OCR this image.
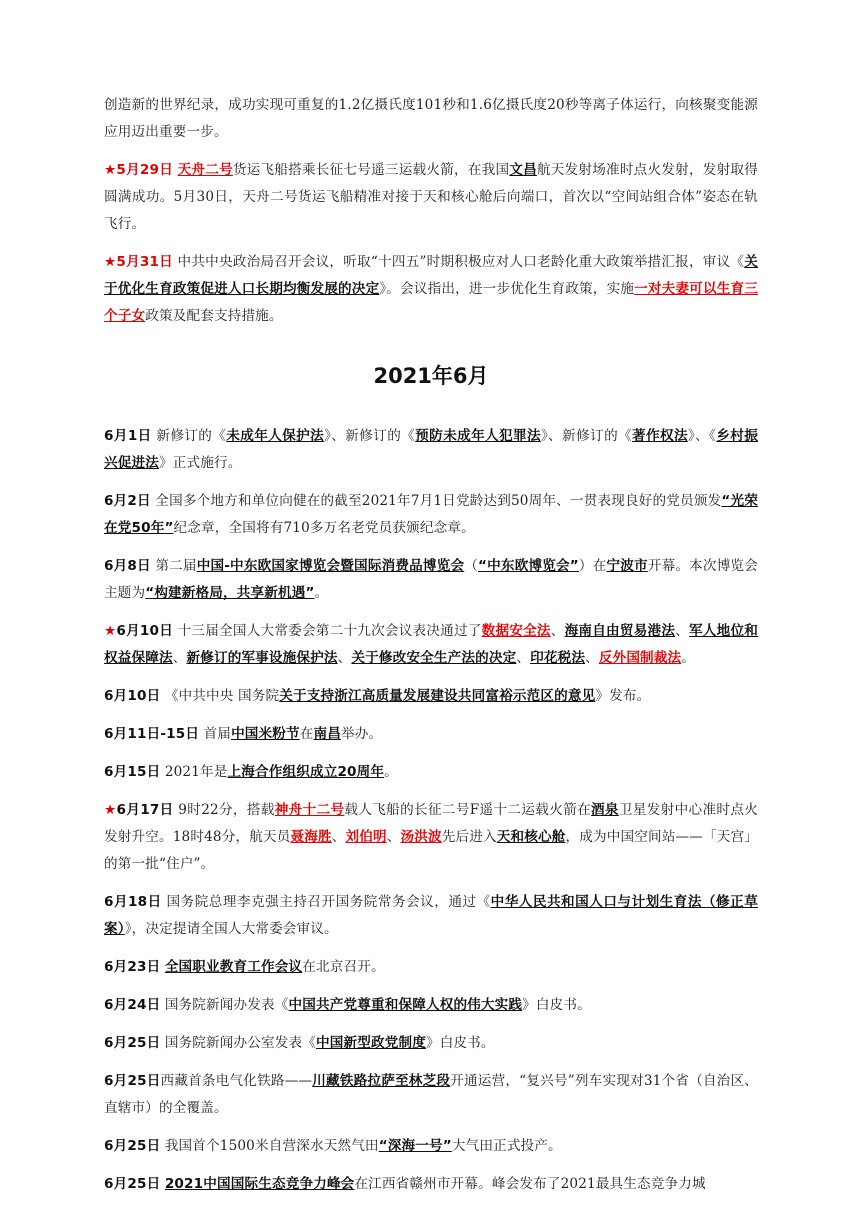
创造新的世界纪录，成功实现可重复的1.2亿摄氏度101秒和1.6亿摄氏度20秒等离子体运行，向核聚变能源应用迈出重要一步。

★5月29日 天舟二号货运飞船搭乘长征七号遥三运载火箭，在我国文昌航天发射场准时点火发射，发射取得圆满成功。5月30日，天舟二号货运飞船精准对接于天和核心舱后向端口，首次以“空间站组合体”姿态在轨飞行。

★5月31日 中共中央政治局召开会议，听取“十四五”时期积极应对人口老龄化重大政策举措汇报，审议《关于优化生育政策促进人口长期均衡发展的决定》。会议指出，进一步优化生育政策，实施一对夫妻可以生育三个子女政策及配套支持措施。

2021年6月

6月1日 新修订的《未成年人保护法》、新修订的《预防未成年人犯罪法》、新修订的《著作权法》、《乡村振兴促进法》正式施行。

6月2日 全国多个地方和单位向健在的截至2021年7月1日党龄达到50周年、一贯表现良好的党员颁发“光荣在党50年”纪念章，全国将有710多万名老党员获颁纪念章。

6月8日 第二届中国-中东欧国家博览会暨国际消费品博览会（“中东欧博览会”）在宁波市开幕。本次博览会主题为“构建新格局，共享新机遇”。

★6月10日 十三届全国人大常委会第二十九次会议表决通过了数据安全法、海南自由贸易港法、军人地位和权益保障法、新修订的军事设施保护法、关于修改安全生产法的决定、印花税法、反外国制裁法。

6月10日 《中共中央 国务院关于支持浙江高质量发展建设共同富裕示范区的意见》发布。

6月11日-15日 首届中国米粉节在南昌举办。

6月15日 2021年是上海合作组织成立20周年。

★6月17日 9时22分，搭载神舟十二号载人飞船的长征二号F遥十二运载火箭在酒泉卫星发射中心准时点火发射升空。18时48分，航天员聂海胜、刘伯明、汤洪波先后进入天和核心舱，成为中国空间站——「天宫」的第一批“住户”。

6月18日 国务院总理李克强主持召开国务院常务会议，通过《中华人民共和国人口与计划生育法（修正草案）》，决定提请全国人大常委会审议。

6月23日 全国职业教育工作会议在北京召开。

6月24日 国务院新闻办发表《中国共产党尊重和保障人权的伟大实践》白皮书。

6月25日 国务院新闻办公室发表《中国新型政党制度》白皮书。

6月25日西藏首条电气化铁路——川藏铁路拉萨至林芝段开通运营，“复兴号”列车实现对31个省（自治区、直辖市）的全覆盖。

6月25日 我国首个1500米自营深水天然气田“深海一号”大气田正式投产。

6月25日 2021中国国际生态竞争力峰会在江西省赣州市开幕。峰会发布了2021最具生态竞争力城
